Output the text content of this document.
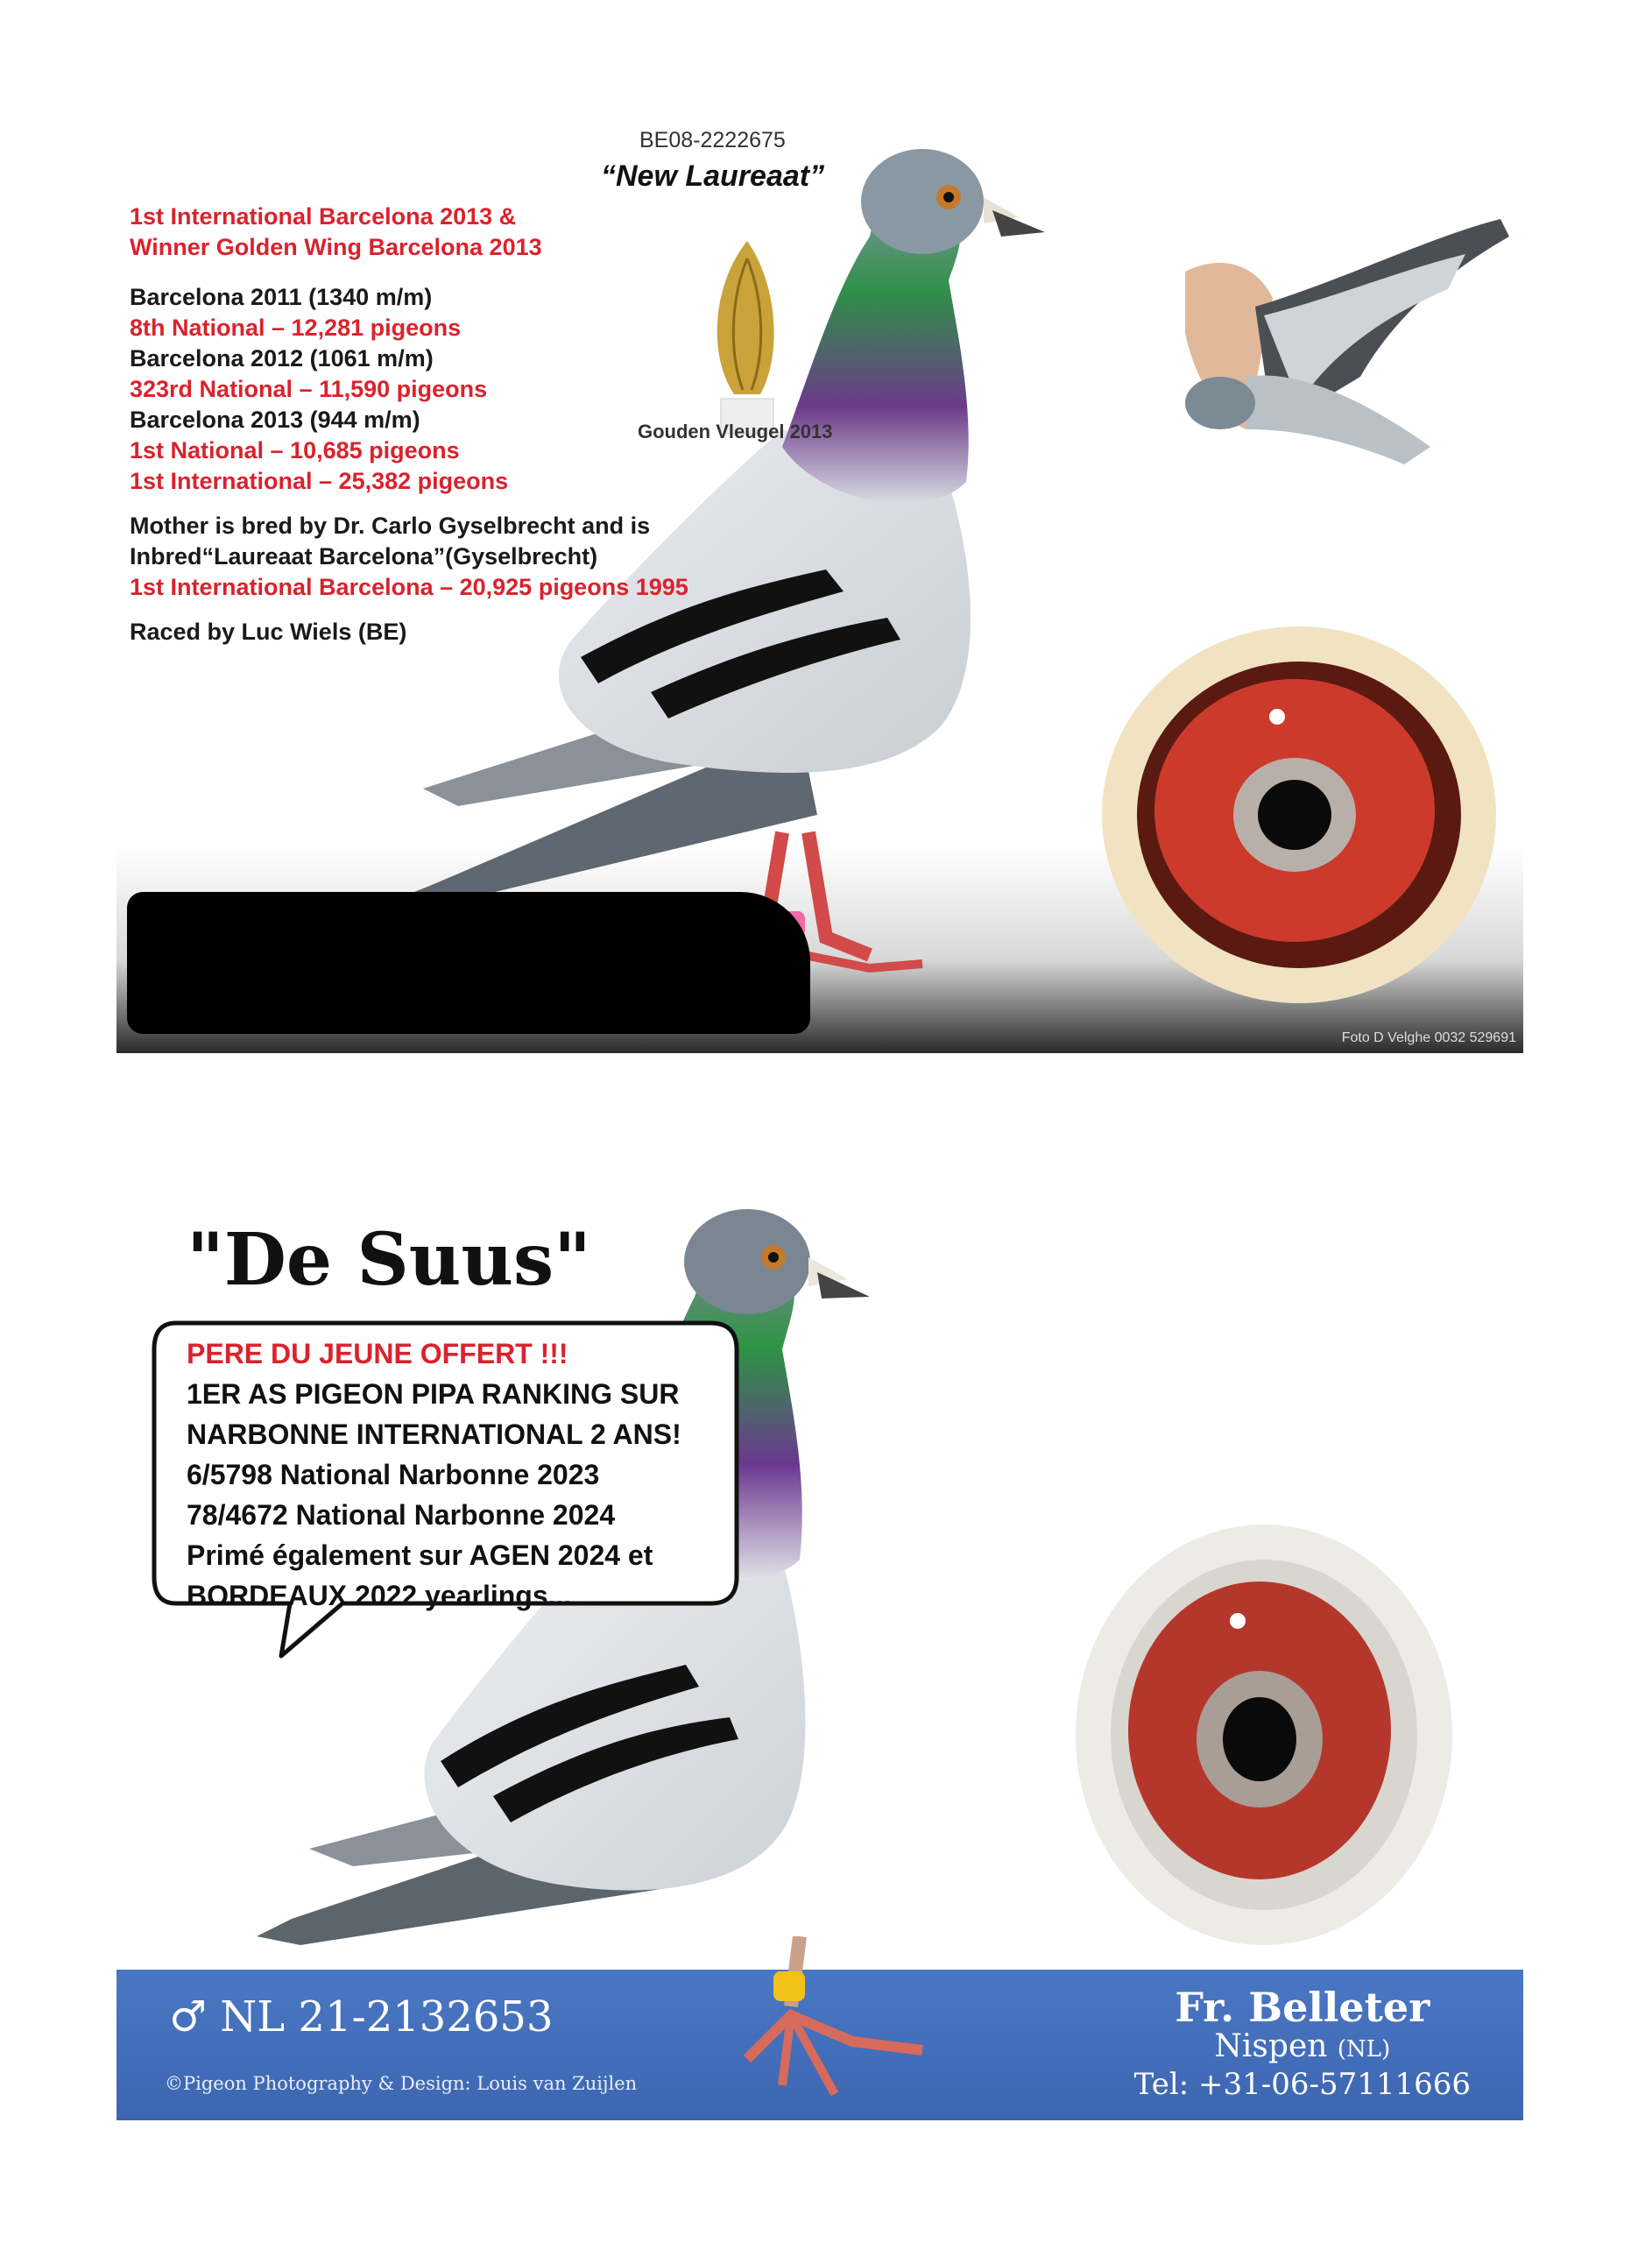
BE08-2222675
“New Laureaat”
1st International Barcelona 2013 &
Winner Golden Wing Barcelona 2013
Barcelona 2011 (1340 m/m)
8th National – 12,281 pigeons
Barcelona 2012 (1061 m/m)
323rd National – 11,590 pigeons
Barcelona 2013 (944 m/m)
1st National – 10,685 pigeons
1st International – 25,382 pigeons
Mother is bred by Dr. Carlo Gyselbrecht and is
Inbred“Laureaat Barcelona”(Gyselbrecht)
1st International Barcelona – 20,925 pigeons 1995
Raced by Luc Wiels (BE)
Gouden Vleugel 2013
Foto D Velghe 0032 529691
"De Suus"
PERE DU JEUNE OFFERT !!!
1ER AS PIGEON PIPA RANKING SUR
NARBONNE INTERNATIONAL 2 ANS!
6/5798 National Narbonne 2023
78/4672 National Narbonne 2024
Primé également sur AGEN 2024 et
BORDEAUX 2022 yearlings...
♂ NL 21-2132653
©Pigeon Photography & Design: Louis van Zuijlen
Fr. Belleter
Nispen (NL)
Tel: +31-06-57111666
